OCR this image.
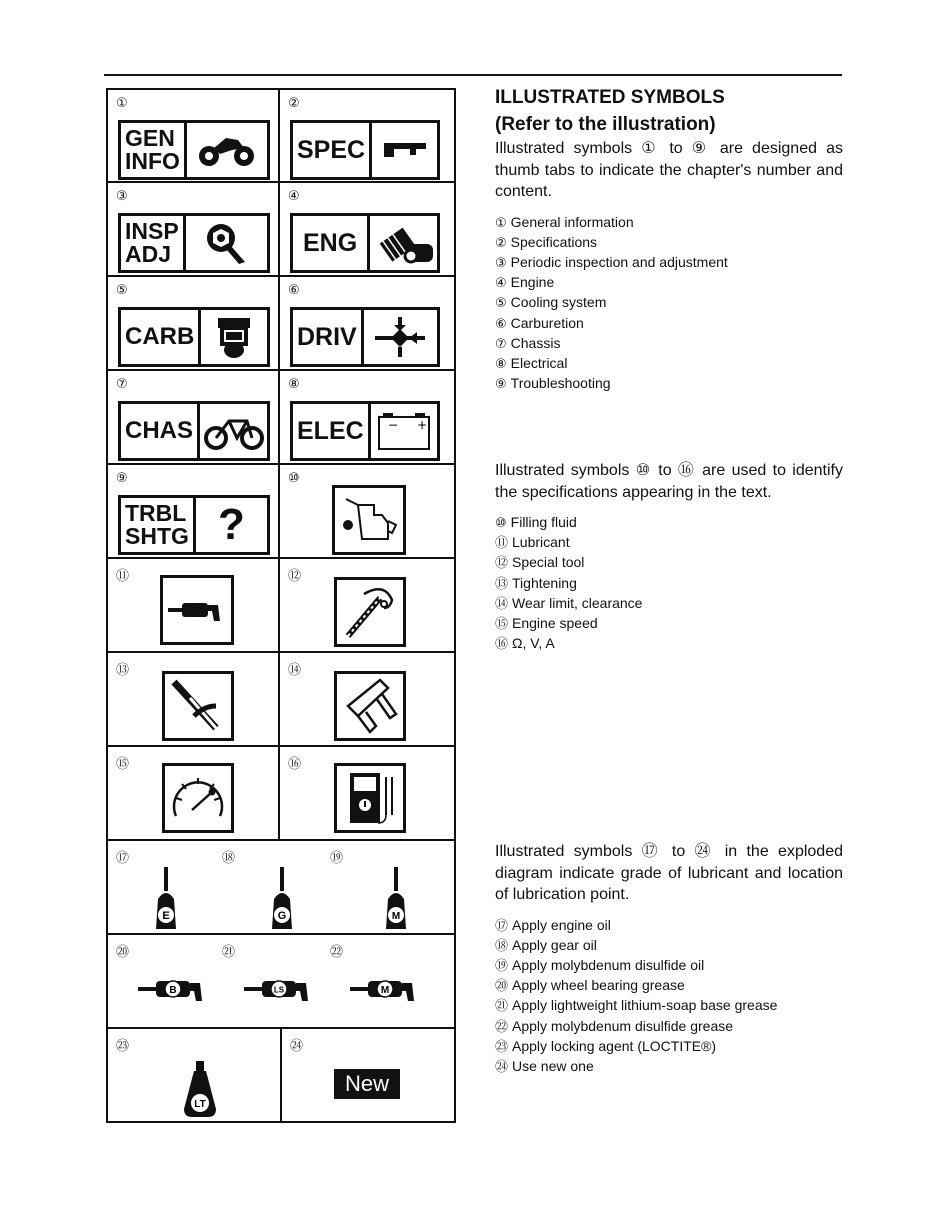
①
GEN
INFO
②
SPEC
③
INSP
ADJ
④
ENG
⑤
CARB
⑥
DRIV
⑦
CHAS
⑧
ELEC − +
⑨
TRBL
SHTG ?
⑩
⑪	⑫
⑬	⑭
⑮	⑯
⑰	⑱	⑲
E	G	M
⑳	㉑	㉒
B	LS	M
㉓
LT
㉔
New
ILLUSTRATED SYMBOLS
(Refer to the illustration)

Illustrated symbols ① to ⑨ are designed as thumb tabs to indicate the chapter's number and content.

① General information
② Specifications
③ Periodic inspection and adjustment
④ Engine
⑤ Cooling system
⑥ Carburetion
⑦ Chassis
⑧ Electrical
⑨ Troubleshooting

Illustrated symbols ⑩ to ⑯ are used to identify the specifications appearing in the text.

⑩ Filling fluid
⑪ Lubricant
⑫ Special tool
⑬ Tightening
⑭ Wear limit, clearance
⑮ Engine speed
⑯ Ω, V, A

Illustrated symbols ⑰ to ㉔ in the exploded diagram indicate grade of lubricant and location of lubrication point.

⑰ Apply engine oil
⑱ Apply gear oil
⑲ Apply molybdenum disulfide oil
⑳ Apply wheel bearing grease
㉑ Apply lightweight lithium-soap base grease
㉒ Apply molybdenum disulfide grease
㉓ Apply locking agent (LOCTITE®)
㉔ Use new one
